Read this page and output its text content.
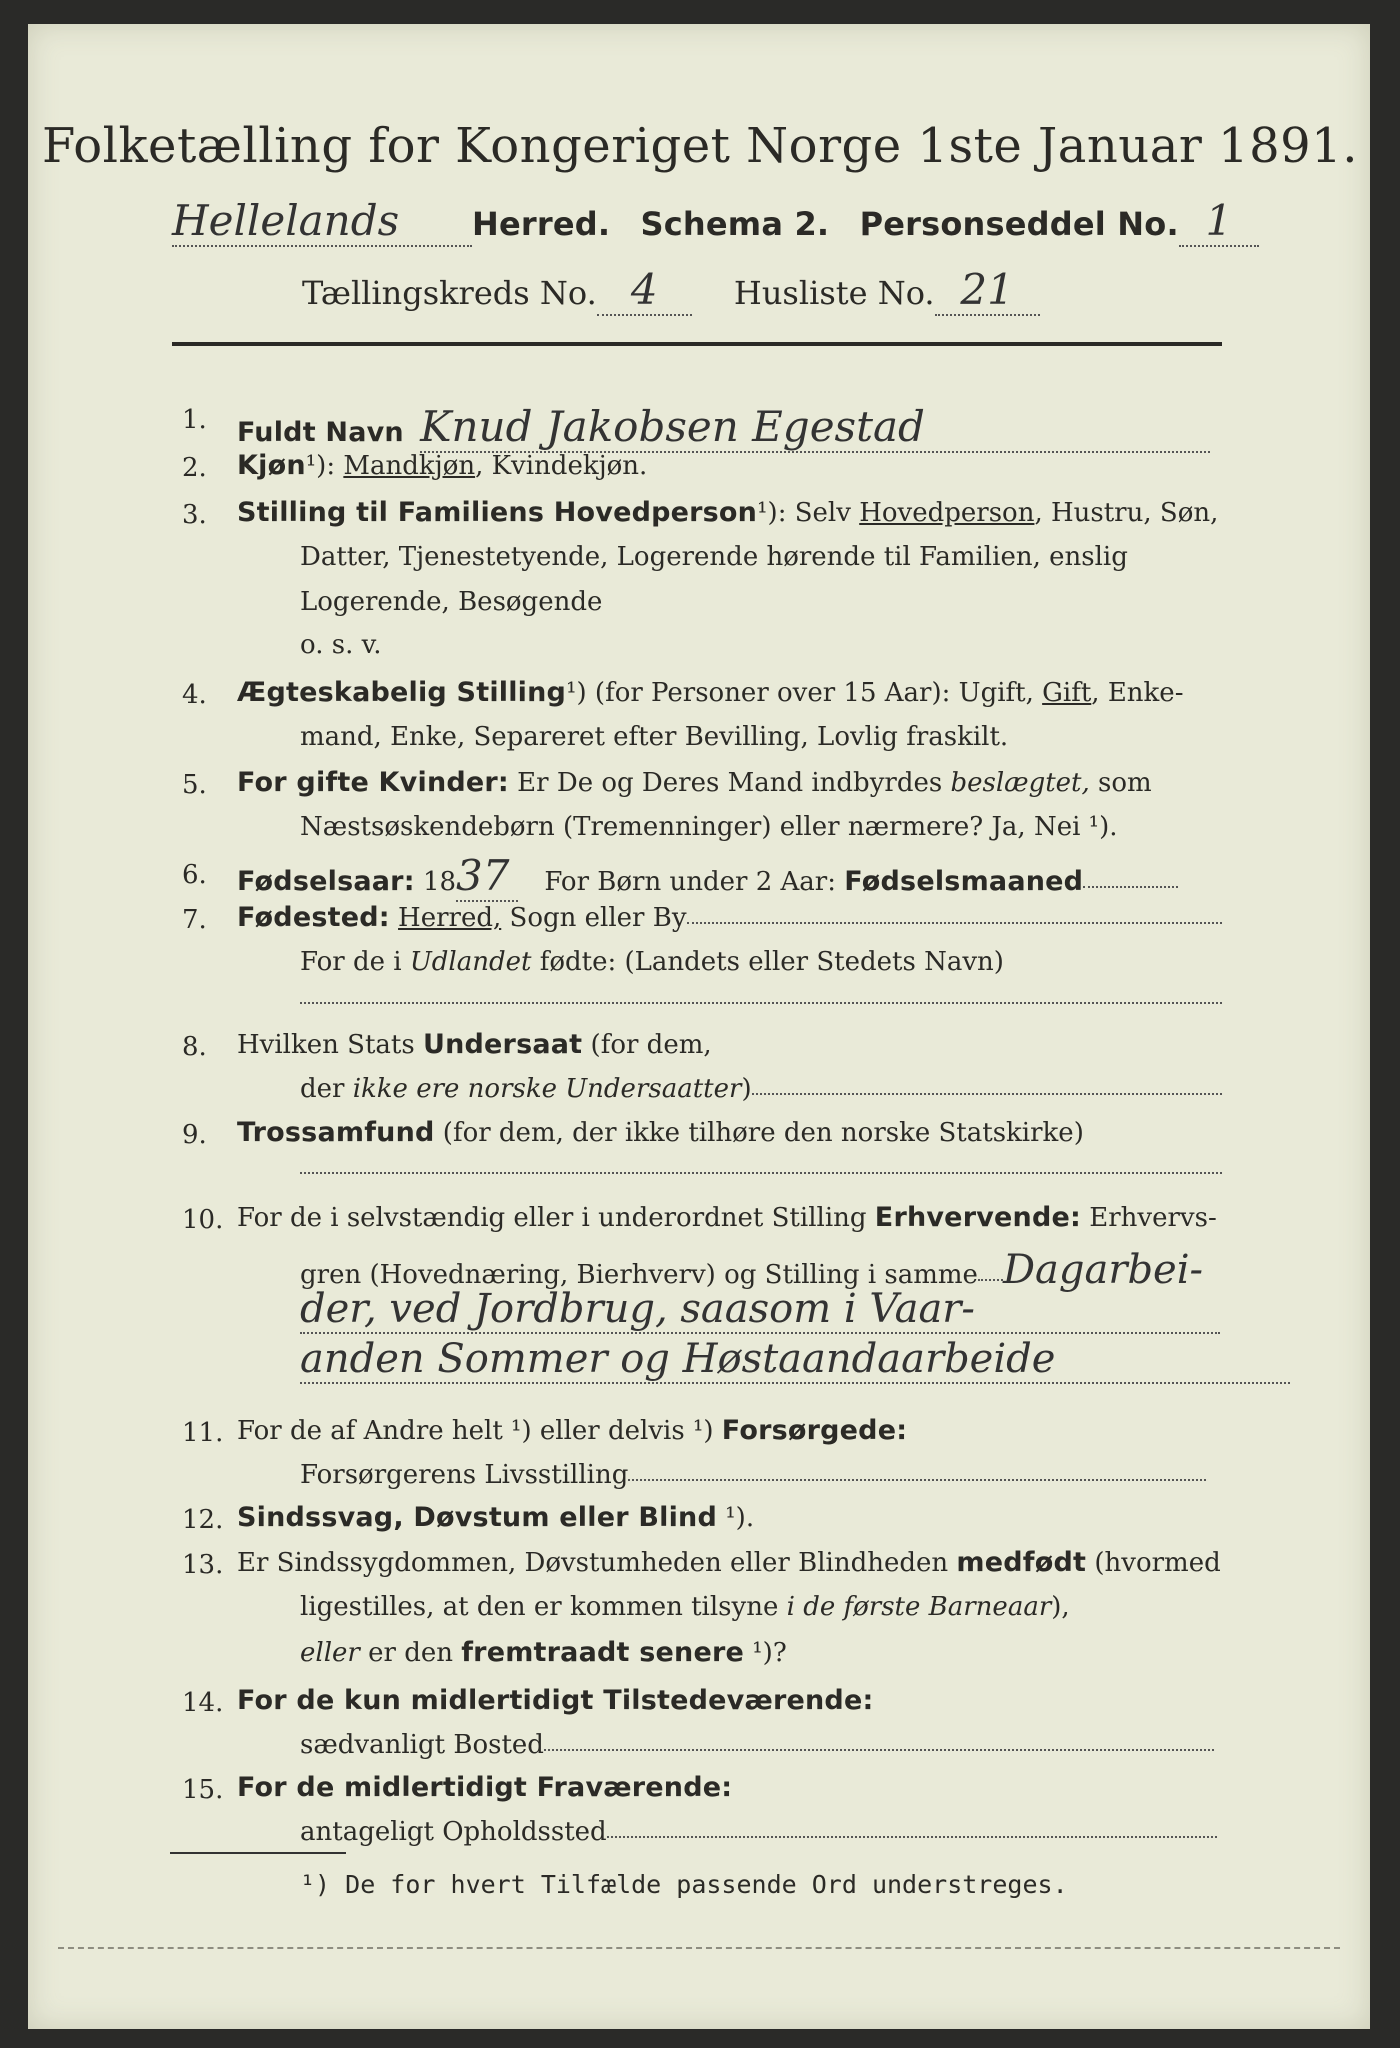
Folketælling for Kongeriget Norge 1ste Januar 1891.
Hellelands Herred. Schema 2. Personseddel No. 1
Tællingskreds No. 4 Husliste No. 21
1.	Fuldt Navn Knud Jakobsen Egestad
2.	Kjøn¹): Mandkjøn, Kvindekjøn.
3.	Stilling til Familiens Hovedperson¹): Selv Hovedperson, Hustru, Søn,
Datter, Tjenestetyende, Logerende hørende til Familien, enslig
Logerende, Besøgende
o. s. v.
4.	Ægteskabelig Stilling¹) (for Personer over 15 Aar): Ugift, Gift, Enke-
mand, Enke, Separeret efter Bevilling, Lovlig fraskilt.
5.	For gifte Kvinder: Er De og Deres Mand indbyrdes beslægtet, som
Næstsøskendebørn (Tremenninger) eller nærmere? Ja, Nei ¹).
6.	Fødselsaar: 1837 For Børn under 2 Aar: Fødselsmaaned
7.	Fødested: Herred, Sogn eller By
For de i Udlandet fødte: (Landets eller Stedets Navn)
8.	Hvilken Stats Undersaat (for dem,
der ikke ere norske Undersaatter)
9.	Trossamfund (for dem, der ikke tilhøre den norske Statskirke)
10. For de i selvstændig eller i underordnet Stilling Erhvervende: Erhvervs-
gren (Hovednæring, Bierhverv) og Stilling i samme Dagarbei-
der, ved Jordbrug, saasom i Vaar-
anden Sommer og Høstaandaarbeide
11. For de af Andre helt ¹) eller delvis ¹) Forsørgede:
Forsørgerens Livsstilling
12. Sindssvag, Døvstum eller Blind ¹).
13. Er Sindssygdommen, Døvstumheden eller Blindheden medfødt (hvormed
ligestilles, at den er kommen tilsyne i de første Barneaar),
eller er den fremtraadt senere ¹)?
14. For de kun midlertidigt Tilstedeværende:
sædvanligt Bosted
15. For de midlertidigt Fraværende:
antageligt Opholdssted
¹) De for hvert Tilfælde passende Ord understreges.
